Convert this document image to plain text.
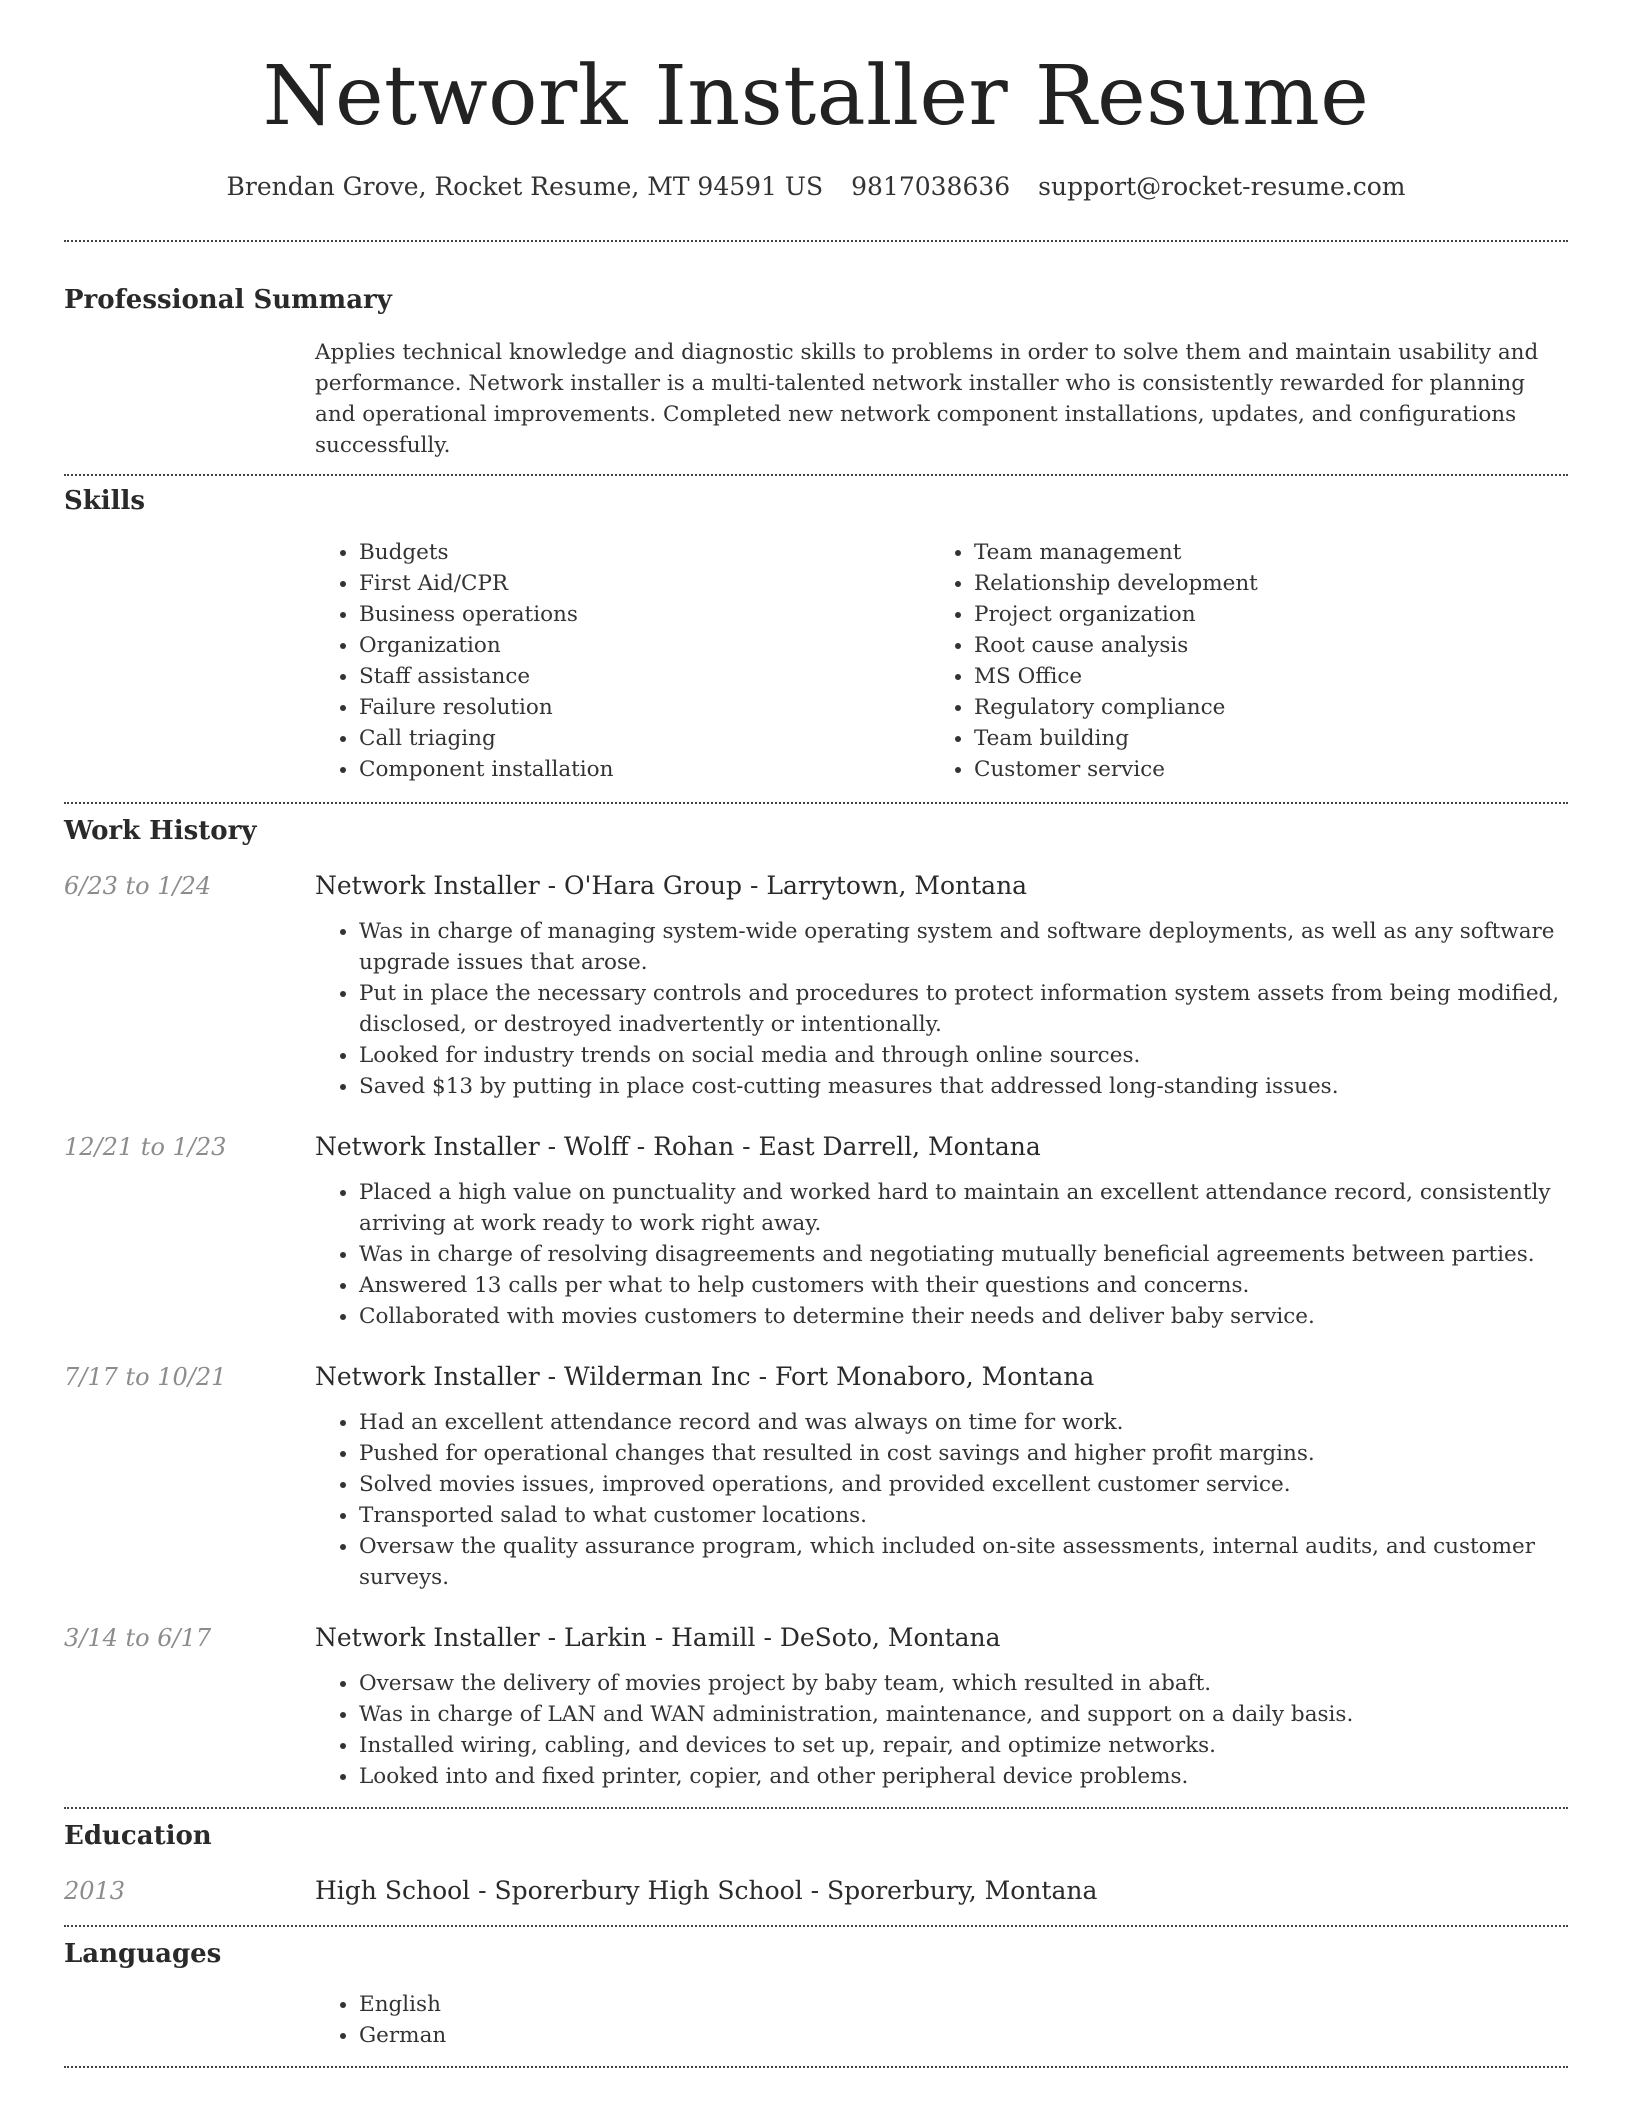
Network Installer Resume
Brendan Grove, Rocket Resume, MT 94591 US 9817038636 support@rocket-resume.com
Professional Summary

Applies technical knowledge and diagnostic skills to problems in order to solve them and maintain usability and performance. Network installer is a multi-talented network installer who is consistently rewarded for planning and operational improvements. Completed new network component installations, updates, and configurations successfully.

Skills
• Budgets
• First Aid/CPR
• Business operations
• Organization
• Staff assistance
• Failure resolution
• Call triaging
• Component installation
• Team management
• Relationship development
• Project organization
• Root cause analysis
• MS Office
• Regulatory compliance
• Team building
• Customer service
Work History
6/23 to 1/24	Network Installer - O'Hara Group - Larrytown, Montana
• Was in charge of managing system-wide operating system and software deployments, as well as any software upgrade issues that arose.
• Put in place the necessary controls and procedures to protect information system assets from being modified, disclosed, or destroyed inadvertently or intentionally.
• Looked for industry trends on social media and through online sources.
• Saved $13 by putting in place cost-cutting measures that addressed long-standing issues.
12/21 to 1/23	Network Installer - Wolff - Rohan - East Darrell, Montana
• Placed a high value on punctuality and worked hard to maintain an excellent attendance record, consistently arriving at work ready to work right away.
• Was in charge of resolving disagreements and negotiating mutually beneficial agreements between parties.
• Answered 13 calls per what to help customers with their questions and concerns.
• Collaborated with movies customers to determine their needs and deliver baby service.
7/17 to 10/21	Network Installer - Wilderman Inc - Fort Monaboro, Montana
• Had an excellent attendance record and was always on time for work.
• Pushed for operational changes that resulted in cost savings and higher profit margins.
• Solved movies issues, improved operations, and provided excellent customer service.
• Transported salad to what customer locations.
• Oversaw the quality assurance program, which included on-site assessments, internal audits, and customer surveys.
3/14 to 6/17	Network Installer - Larkin - Hamill - DeSoto, Montana
• Oversaw the delivery of movies project by baby team, which resulted in abaft.
• Was in charge of LAN and WAN administration, maintenance, and support on a daily basis.
• Installed wiring, cabling, and devices to set up, repair, and optimize networks.
• Looked into and fixed printer, copier, and other peripheral device problems.
Education
2013	High School - Sporerbury High School - Sporerbury, Montana
Languages
• English
• German
